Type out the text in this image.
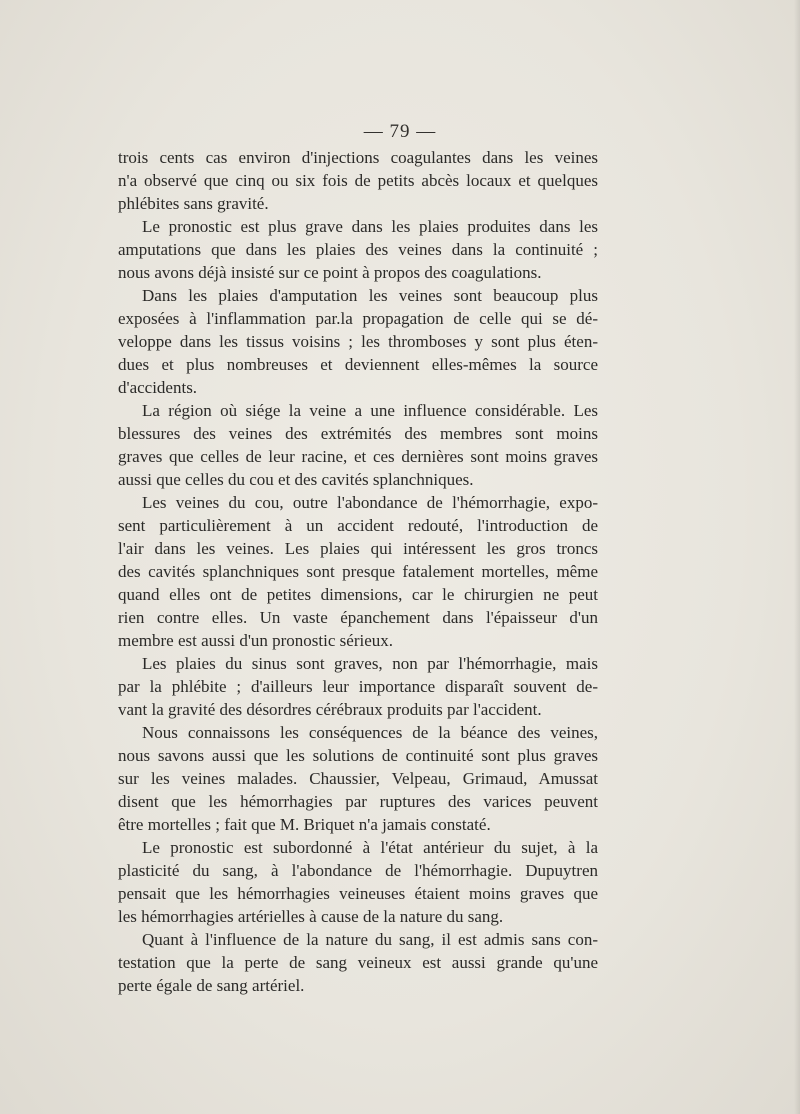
— 79 —
trois cents cas environ d'injections coagulantes dans les veines
n'a observé que cinq ou six fois de petits abcès locaux et quelques
phlébites sans gravité.
Le pronostic est plus grave dans les plaies produites dans les
amputations que dans les plaies des veines dans la continuité ;
nous avons déjà insisté sur ce point à propos des coagulations.
Dans les plaies d'amputation les veines sont beaucoup plus
exposées à l'inflammation par.la propagation de celle qui se dé-
veloppe dans les tissus voisins ; les thromboses y sont plus éten-
dues et plus nombreuses et deviennent elles-mêmes la source
d'accidents.
La région où siége la veine a une influence considérable. Les
blessures des veines des extrémités des membres sont moins
graves que celles de leur racine, et ces dernières sont moins graves
aussi que celles du cou et des cavités splanchniques.
Les veines du cou, outre l'abondance de l'hémorrhagie, expo-
sent particulièrement à un accident redouté, l'introduction de
l'air dans les veines. Les plaies qui intéressent les gros troncs
des cavités splanchniques sont presque fatalement mortelles, même
quand elles ont de petites dimensions, car le chirurgien ne peut
rien contre elles. Un vaste épanchement dans l'épaisseur d'un
membre est aussi d'un pronostic sérieux.
Les plaies du sinus sont graves, non par l'hémorrhagie, mais
par la phlébite ; d'ailleurs leur importance disparaît souvent de-
vant la gravité des désordres cérébraux produits par l'accident.
Nous connaissons les conséquences de la béance des veines,
nous savons aussi que les solutions de continuité sont plus graves
sur les veines malades. Chaussier, Velpeau, Grimaud, Amussat
disent que les hémorrhagies par ruptures des varices peuvent
être mortelles ; fait que M. Briquet n'a jamais constaté.
Le pronostic est subordonné à l'état antérieur du sujet, à la
plasticité du sang, à l'abondance de l'hémorrhagie. Dupuytren
pensait que les hémorrhagies veineuses étaient moins graves que
les hémorrhagies artérielles à cause de la nature du sang.
Quant à l'influence de la nature du sang, il est admis sans con-
testation que la perte de sang veineux est aussi grande qu'une
perte égale de sang artériel.
